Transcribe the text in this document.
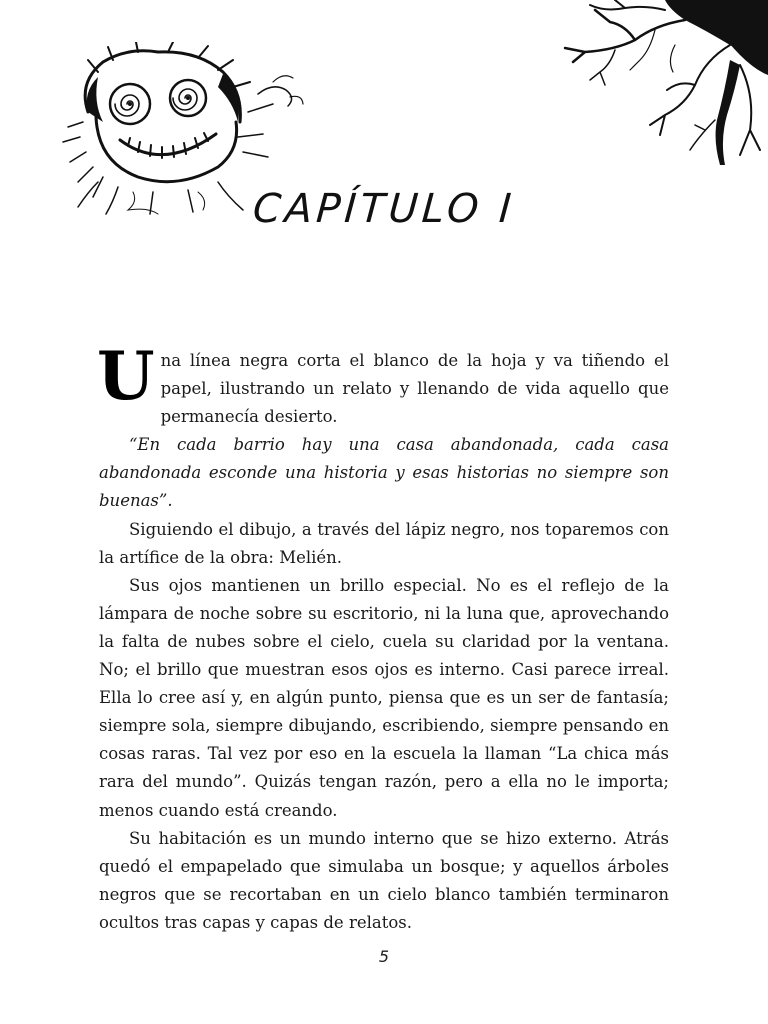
CAPÍTULO I

Una línea negra corta el blanco de la hoja y va tiñendo el papel, ilustrando un relato y llenando de vida aquello que permanecía desierto.

“En cada barrio hay una casa abandonada, cada casa abandonada esconde una historia y esas historias no siempre son buenas”.

Siguiendo el dibujo, a través del lápiz negro, nos toparemos con la artífice de la obra: Melién.

Sus ojos mantienen un brillo especial. No es el reflejo de la lámpara de noche sobre su escritorio, ni la luna que, aprovechando la falta de nubes sobre el cielo, cuela su claridad por la ventana. No; el brillo que muestran esos ojos es interno. Casi parece irreal. Ella lo cree así y, en algún punto, piensa que es un ser de fantasía; siempre sola, siempre dibujando, escribiendo, siempre pensando en cosas raras. Tal vez por eso en la escuela la llaman “La chica más rara del mundo”. Quizás tengan razón, pero a ella no le importa; menos cuando está creando.

Su habitación es un mundo interno que se hizo externo. Atrás quedó el empapelado que simulaba un bosque; y aquellos árboles negros que se recortaban en un cielo blanco también terminaron ocultos tras capas y capas de relatos.

5
